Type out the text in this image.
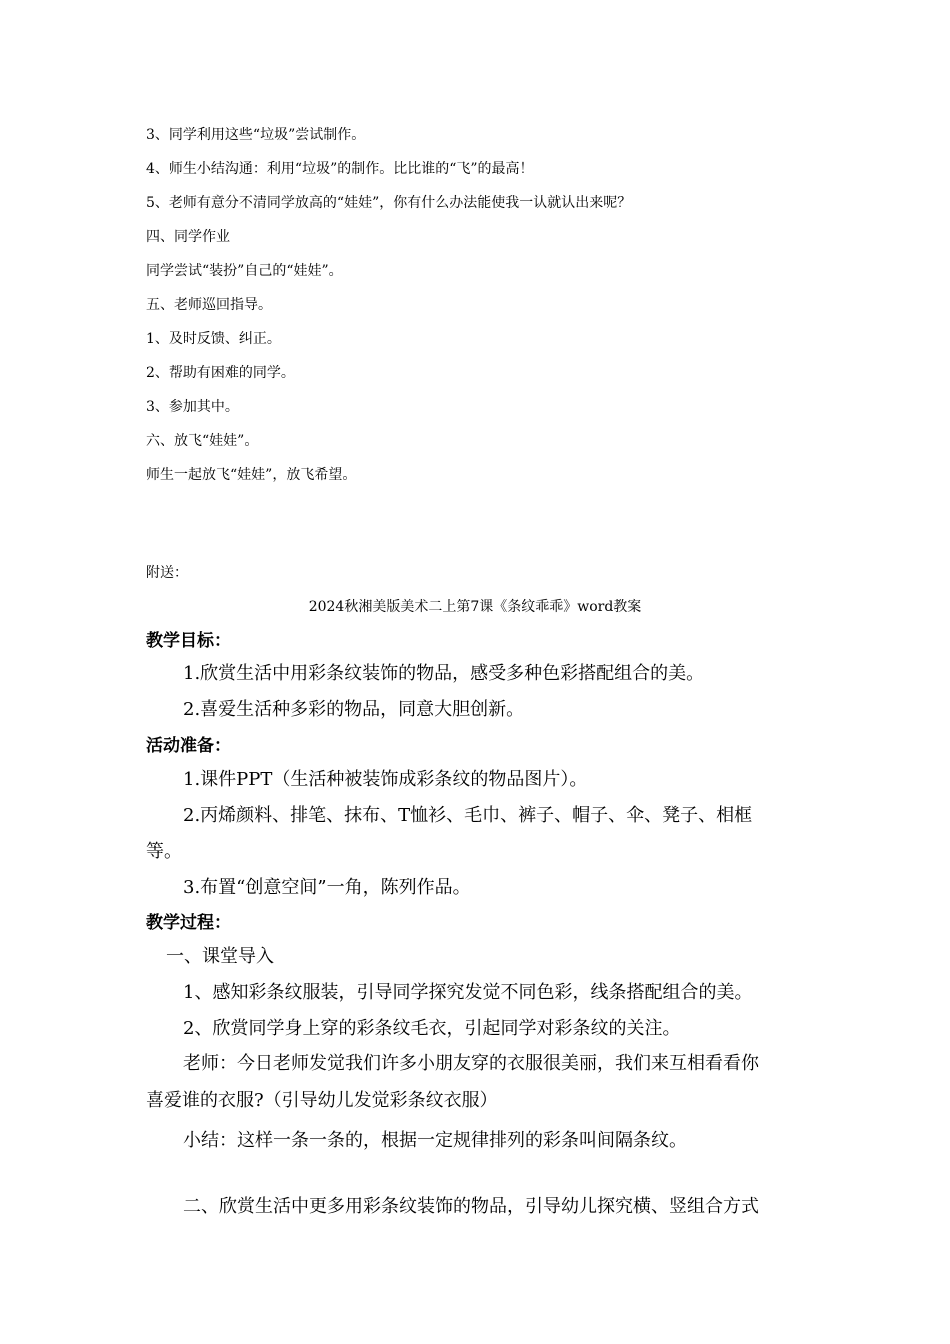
3、同学利用这些“垃圾”尝试制作。
4、师生小结沟通：利用“垃圾”的制作。比比谁的“飞”的最高！
5、老师有意分不清同学放高的“娃娃”，你有什么办法能使我一认就认出来呢？
四、同学作业
同学尝试“装扮”自己的“娃娃”。
五、老师巡回指导。
1、及时反馈、纠正。
2、帮助有困难的同学。
3、参加其中。
六、放飞“娃娃”。
师生一起放飞“娃娃”，放飞希望。
附送：
2024秋湘美版美术二上第7课《条纹乖乖》word教案
教学目标：
1.欣赏生活中用彩条纹装饰的物品，感受多种色彩搭配组合的美。
2.喜爱生活种多彩的物品，同意大胆创新。
活动准备：
1.课件PPT（生活种被装饰成彩条纹的物品图片）。
2.丙烯颜料、排笔、抹布、T恤衫、毛巾、裤子、帽子、伞、凳子、相框
等。
3.布置“创意空间”一角，陈列作品。
教学过程：
一、课堂导入
1、感知彩条纹服装，引导同学探究发觉不同色彩，线条搭配组合的美。
2、欣赏同学身上穿的彩条纹毛衣，引起同学对彩条纹的关注。
老师：今日老师发觉我们许多小朋友穿的衣服很美丽，我们来互相看看你
喜爱谁的衣服?（引导幼儿发觉彩条纹衣服）
小结：这样一条一条的，根据一定规律排列的彩条叫间隔条纹。
二、欣赏生活中更多用彩条纹装饰的物品，引导幼儿探究横、竖组合方式
